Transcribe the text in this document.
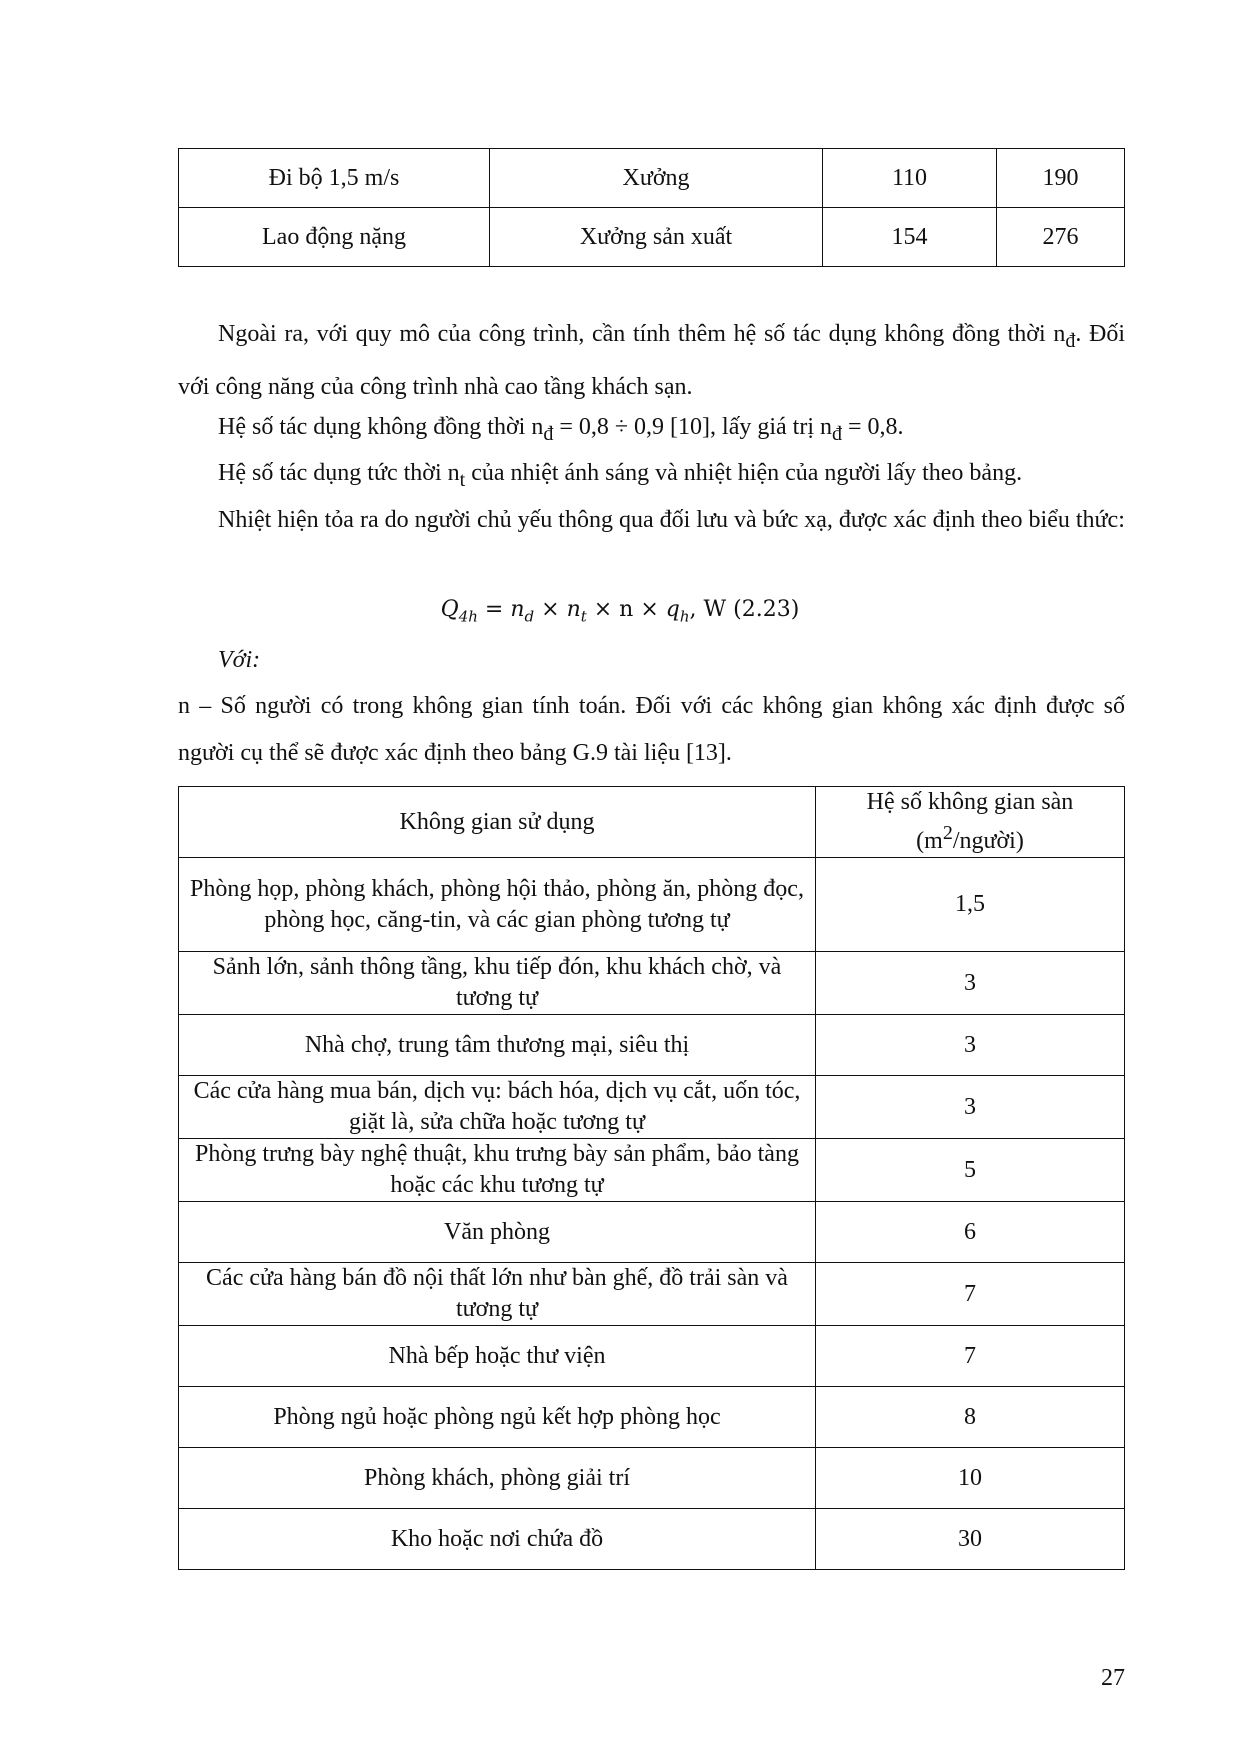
Đi bộ 1,5 m/s	Xưởng	110	190
Lao động nặng	Xưởng sản xuất	154	276

Ngoài ra, với quy mô của công trình, cần tính thêm hệ số tác dụng không đồng thời $n_đ$. Đối với công năng của công trình nhà cao tầng khách sạn.

Hệ số tác dụng không đồng thời $n_đ = 0,8 \div 0,9$ [10], lấy giá trị $n_đ = 0,8$.

Hệ số tác dụng tức thời $n_t$ của nhiệt ánh sáng và nhiệt hiện của người lấy theo bảng.

Nhiệt hiện tỏa ra do người chủ yếu thông qua đối lưu và bức xạ, được xác định theo biểu thức:

$Q_{4h} = n_d \times n_t \times n \times q_h$, W (2.23)

Với:

n – Số người có trong không gian tính toán. Đối với các không gian không xác định được số người cụ thể sẽ được xác định theo bảng G.9 tài liệu [13].

Không gian sử dụng	Hệ số không gian sàn
$(m^2/người)$
Phòng họp, phòng khách, phòng hội thảo, phòng ăn, phòng đọc, phòng học, căng-tin, và các gian phòng tương tự	1,5
Sảnh lớn, sảnh thông tầng, khu tiếp đón, khu khách chờ, và tương tự	3
Nhà chợ, trung tâm thương mại, siêu thị	3
Các cửa hàng mua bán, dịch vụ: bách hóa, dịch vụ cắt, uốn tóc, giặt là, sửa chữa hoặc tương tự	3
Phòng trưng bày nghệ thuật, khu trưng bày sản phẩm, bảo tàng hoặc các khu tương tự	5
Văn phòng	6
Các cửa hàng bán đồ nội thất lớn như bàn ghế, đồ trải sàn và tương tự	7
Nhà bếp hoặc thư viện	7
Phòng ngủ hoặc phòng ngủ kết hợp phòng học	8
Phòng khách, phòng giải trí	10
Kho hoặc nơi chứa đồ	30
27
